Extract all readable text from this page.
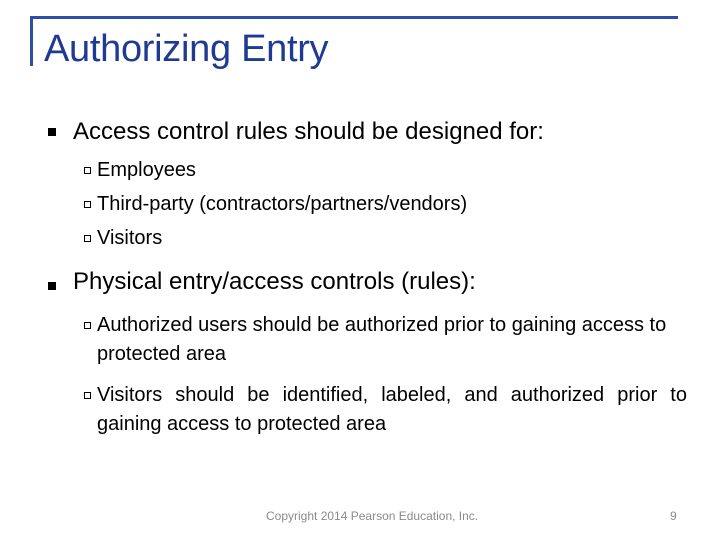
Authorizing Entry
Access control rules should be designed for:
Employees
Third-party (contractors/partners/vendors)
Visitors
Physical entry/access controls (rules):
Authorized users should be authorized prior to gaining access to protected area
Visitors should be identified, labeled, and authorized prior to gaining access to protected area
Copyright 2014 Pearson Education, Inc.	9
